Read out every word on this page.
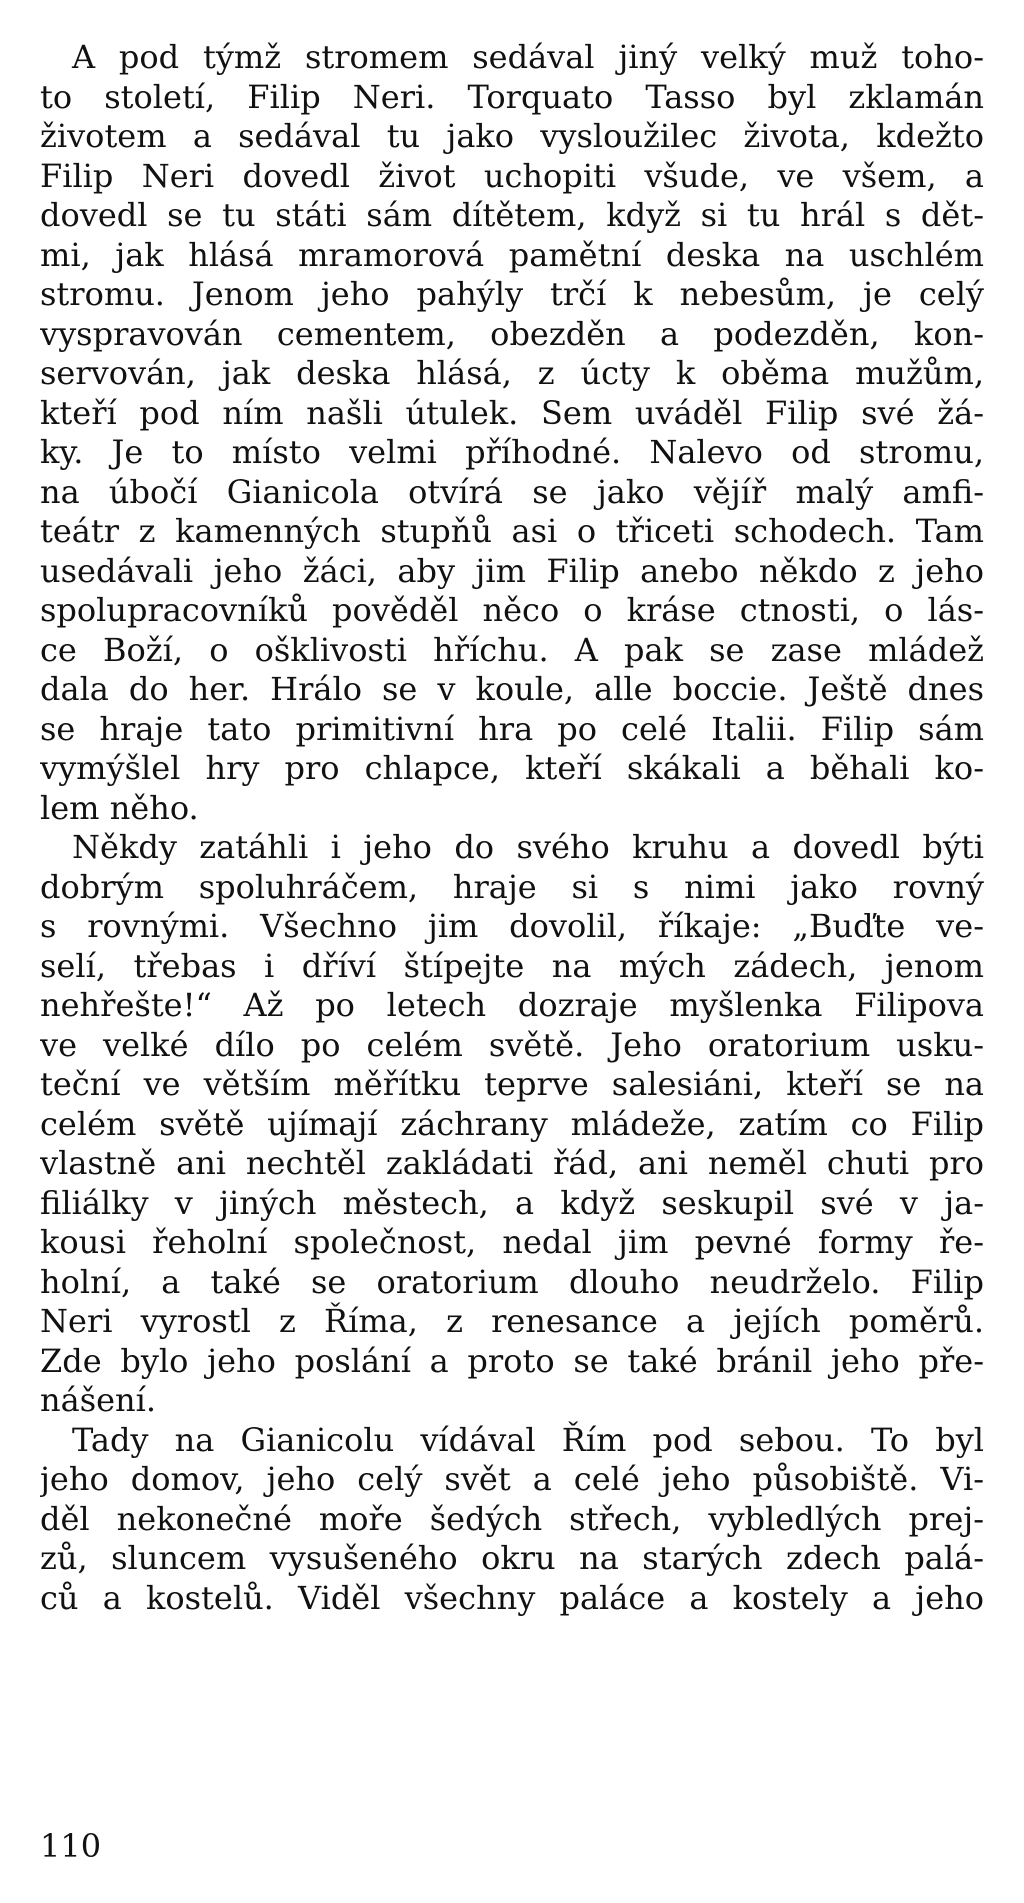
A pod týmž stromem sedával jiný velký muž toho-
to století, Filip Neri. Torquato Tasso byl zklamán
životem a sedával tu jako vysloužilec života, kdežto
Filip Neri dovedl život uchopiti všude, ve všem, a
dovedl se tu státi sám dítětem, když si tu hrál s dět-
mi, jak hlásá mramorová pamětní deska na uschlém
stromu. Jenom jeho pahýly trčí k nebesům, je celý
vyspravován cementem, obezděn a podezděn, kon-
servován, jak deska hlásá, z úcty k oběma mužům,
kteří pod ním našli útulek. Sem uváděl Filip své žá-
ky. Je to místo velmi příhodné. Nalevo od stromu,
na úbočí Gianicola otvírá se jako vějíř malý amfi-
teátr z kamenných stupňů asi o třiceti schodech. Tam
usedávali jeho žáci, aby jim Filip anebo někdo z jeho
spolupracovníků pověděl něco o kráse ctnosti, o lás-
ce Boží, o ošklivosti hříchu. A pak se zase mládež
dala do her. Hrálo se v koule, alle boccie. Ještě dnes
se hraje tato primitivní hra po celé Italii. Filip sám
vymýšlel hry pro chlapce, kteří skákali a běhali ko-
lem něho.
Někdy zatáhli i jeho do svého kruhu a dovedl býti
dobrým spoluhráčem, hraje si s nimi jako rovný
s rovnými. Všechno jim dovolil, říkaje: „Buďte ve-
selí, třebas i dříví štípejte na mých zádech, jenom
nehřešte!“ Až po letech dozraje myšlenka Filipova
ve velké dílo po celém světě. Jeho oratorium usku-
teční ve větším měřítku teprve salesiáni, kteří se na
celém světě ujímají záchrany mládeže, zatím co Filip
vlastně ani nechtěl zakládati řád, ani neměl chuti pro
filiálky v jiných městech, a když seskupil své v ja-
kousi řeholní společnost, nedal jim pevné formy ře-
holní, a také se oratorium dlouho neudrželo. Filip
Neri vyrostl z Říma, z renesance a jejích poměrů.
Zde bylo jeho poslání a proto se také bránil jeho pře-
nášení.
Tady na Gianicolu vídával Řím pod sebou. To byl
jeho domov, jeho celý svět a celé jeho působiště. Vi-
děl nekonečné moře šedých střech, vybledlých prej-
zů, sluncem vysušeného okru na starých zdech palá-
ců a kostelů. Viděl všechny paláce a kostely a jeho
110
